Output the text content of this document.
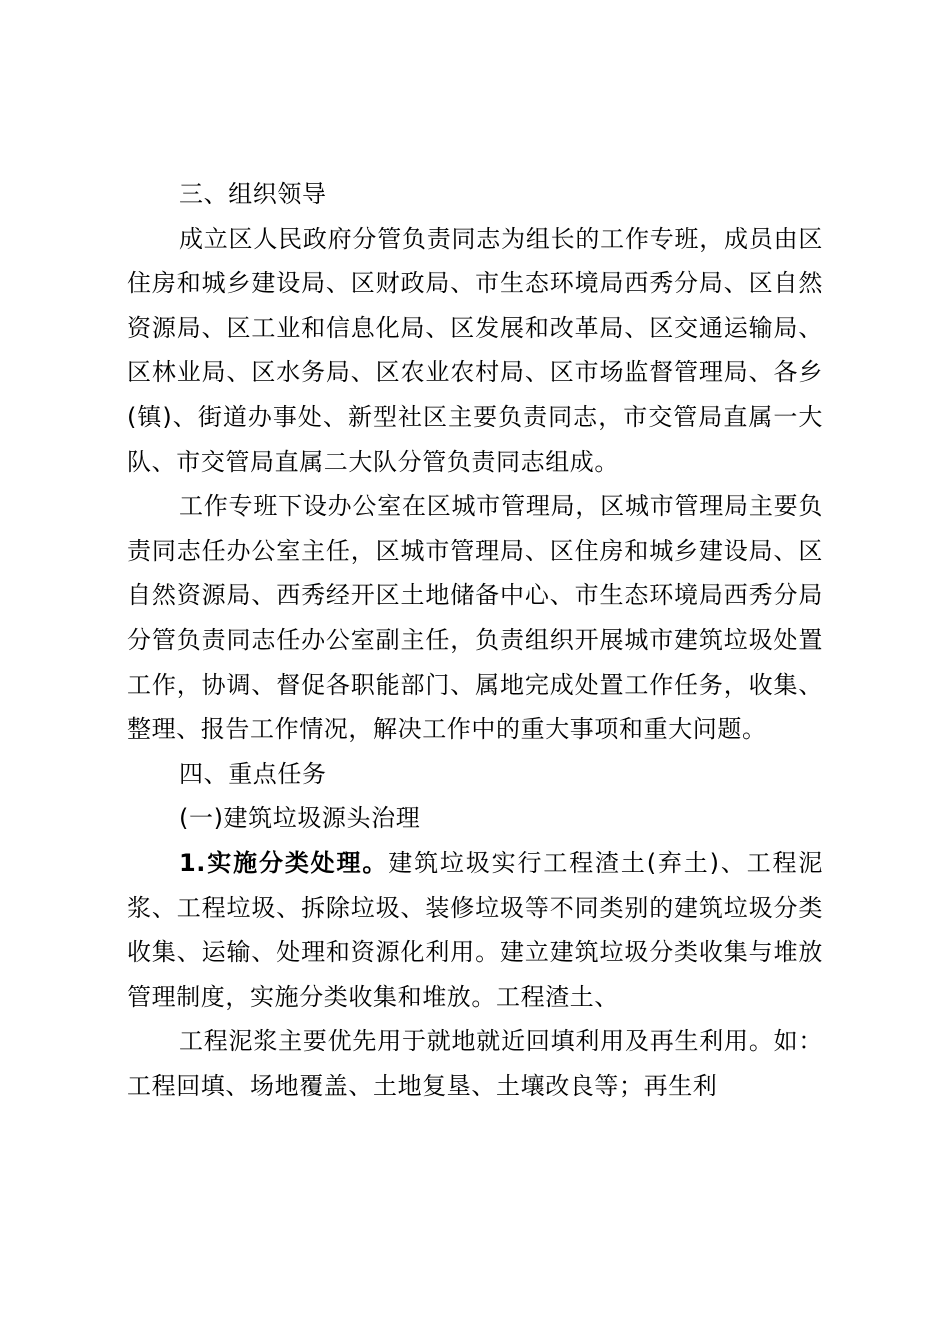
三、组织领导

成立区人民政府分管负责同志为组长的工作专班，成员由区住房和城乡建设局、区财政局、市生态环境局西秀分局、区自然资源局、区工业和信息化局、区发展和改革局、区交通运输局、区林业局、区水务局、区农业农村局、区市场监督管理局、各乡(镇)、街道办事处、新型社区主要负责同志，市交管局直属一大队、市交管局直属二大队分管负责同志组成。

工作专班下设办公室在区城市管理局，区城市管理局主要负责同志任办公室主任，区城市管理局、区住房和城乡建设局、区自然资源局、西秀经开区土地储备中心、市生态环境局西秀分局分管负责同志任办公室副主任，负责组织开展城市建筑垃圾处置工作，协调、督促各职能部门、属地完成处置工作任务，收集、整理、报告工作情况，解决工作中的重大事项和重大问题。

四、重点任务

(一)建筑垃圾源头治理

1.实施分类处理。建筑垃圾实行工程渣土(弃土)、工程泥浆、工程垃圾、拆除垃圾、装修垃圾等不同类别的建筑垃圾分类收集、运输、处理和资源化利用。建立建筑垃圾分类收集与堆放管理制度，实施分类收集和堆放。工程渣土、

工程泥浆主要优先用于就地就近回填利用及再生利用。如：工程回填、场地覆盖、土地复垦、土壤改良等；再生利
